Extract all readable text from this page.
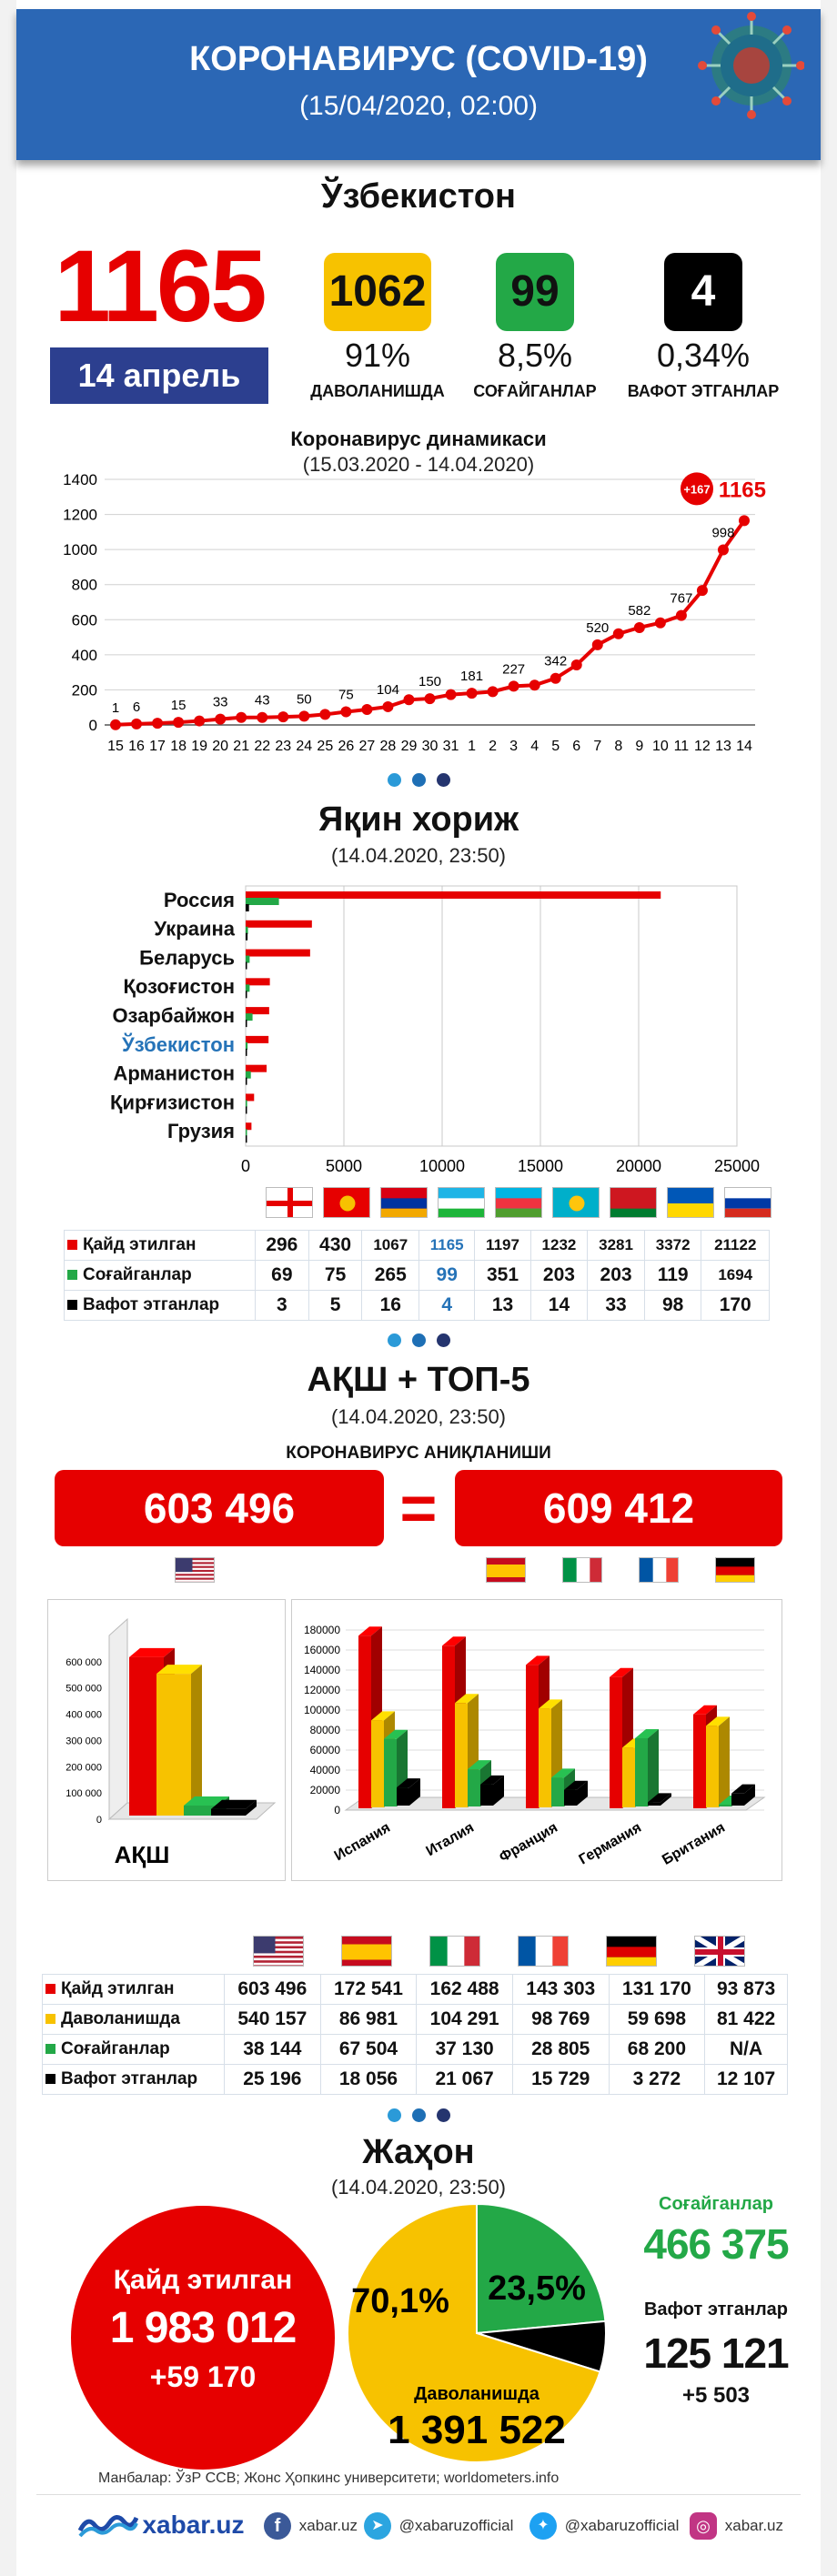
КОРОНАВИРУС (COVID-19)
(15/04/2020, 02:00)
Ўзбекистон
1165
14 апрель
1062
91%
ДАВОЛАНИШДА
99
8,5%
СОҒАЙГАНЛАР
4
0,34%
ВАФОТ ЭТГАНЛАР
Коронавирус динамикаси
(15.03.2020 - 14.04.2020)
0
200
400
600
800
1000
1200
1400
15 16 17 18 19 20 21 22 23 24 25 26 27 28 29 30 31 1 2 3 4 5 6 7 8 9 10 11 12 13 14
1 6 15 33 43 50 75 104
150 181 227
342
520
582
767
998
+167 1165
Яқин хориж
(14.04.2020, 23:50)
0	5000	10000	15000	20000	25000
Россия
Украина
Беларусь
Қозоғистон
Озарбайжон
Ўзбекистон
Арманистон
Қирғизистон
Грузия
Қайд этилган	296	430	1067	1165	1197	1232	3281	3372	21122
Соғайганлар	69	75	265	99	351	203	203	119	1694
Вафот этганлар	3	5	16	4	13	14	33	98	170
АҚШ + ТОП-5
(14.04.2020, 23:50)
КОРОНАВИРУС АНИҚЛАНИШИ
603 496	=	609 412
0
100 000
200 000
300 000
400 000
500 000
600 000
АҚШ
0
20000
40000
60000
80000
100000
120000
140000
160000
180000
Испания Италия Франция Германия Британия
Қайд этилган	603 496	172 541	162 488	143 303	131 170	93 873
Даволанишда	540 157	86 981	104 291	98 769	59 698	81 422
Соғайганлар	38 144	67 504	37 130	28 805	68 200	N/A
Вафот этганлар	25 196	18 056	21 067	15 729	3 272	12 107
Жаҳон
(14.04.2020, 23:50)
Қайд этилган
1 983 012
+59 170
70,1% 23,5%
6,3%
Даволанишда
1 391 522
Соғайганлар
466 375
Вафот этганлар
125 121
+5 503
Манбалар: ЎзР ССВ; Жонс Ҳопкинс университети; worldometers.info
xabar.uz	f xabar.uz ➤ @xabaruzofficial	✦ @xabaruzofficial	◎ xabar.uz
